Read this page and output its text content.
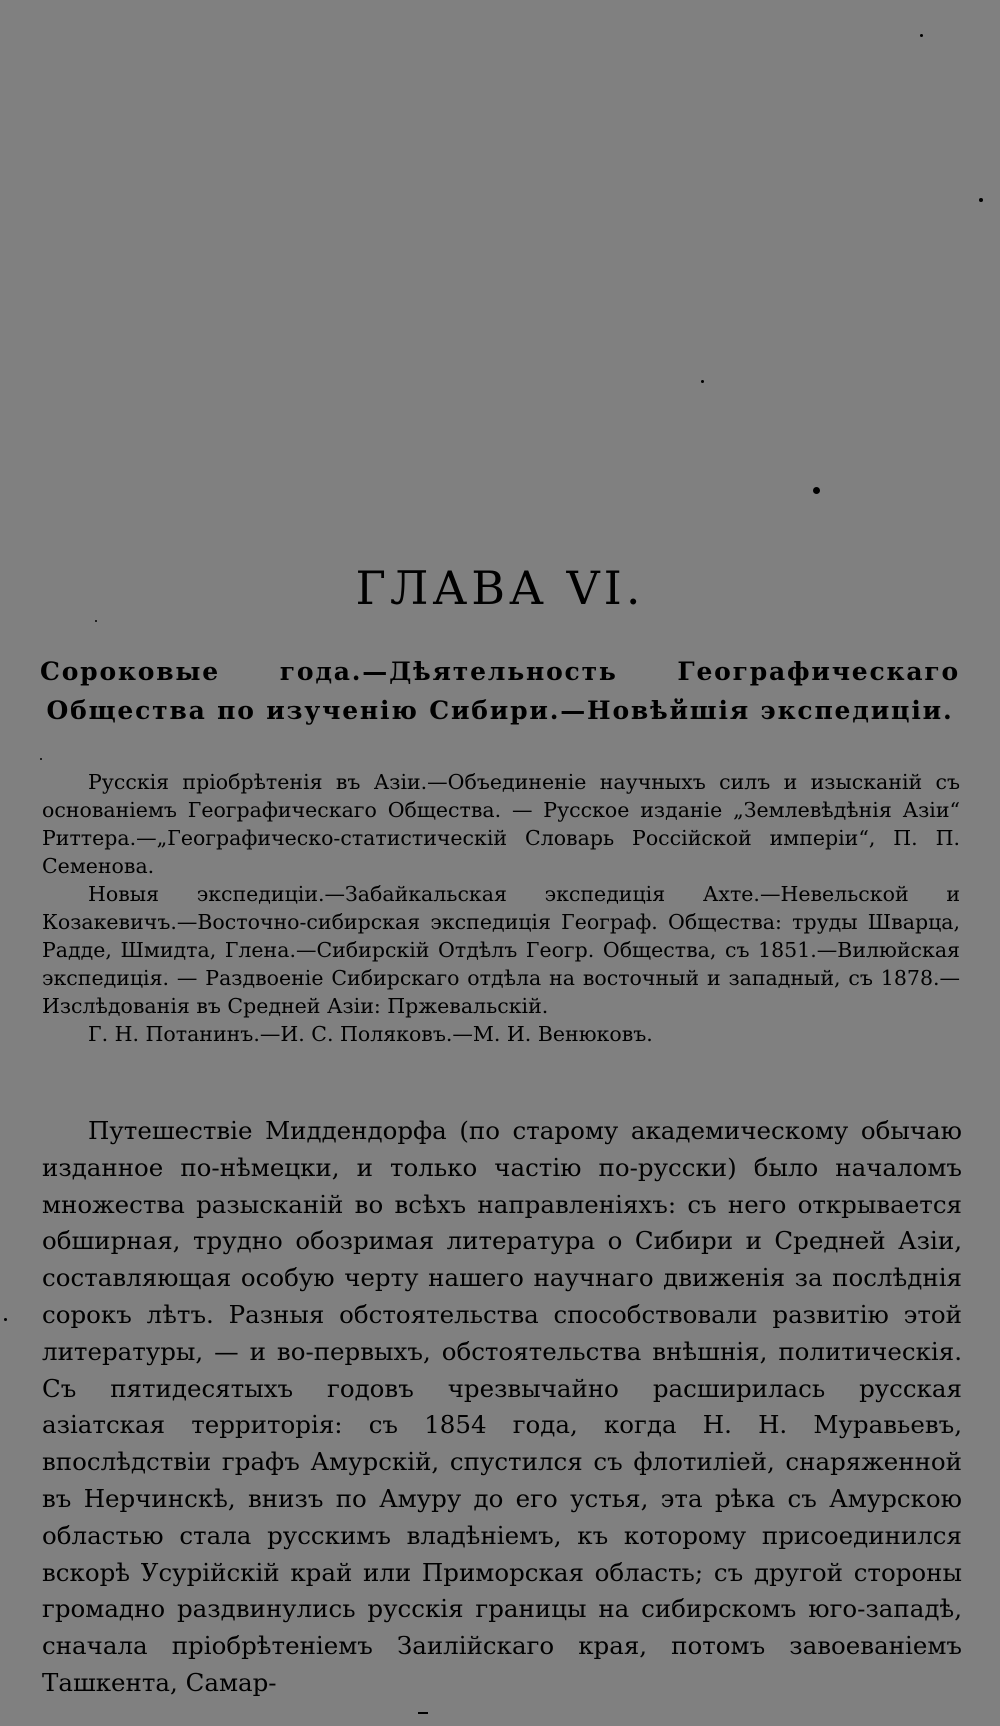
ГЛАВА VI.
Сороковые года.—Дѣятельность Географическаго Общества по изученію Сибири.—Новѣйшія экспедиціи.

Русскія пріобрѣтенія въ Азіи.—Объединеніе научныхъ силъ и изысканій съ основаніемъ Географическаго Общества. — Русское изданіе „Землевѣдѣнія Азіи“ Риттера.—„Географическо-статистическій Словарь Россійской имперіи“, П. П. Семенова.

Новыя экспедиціи.—Забайкальская экспедиція Ахте.—Невельской и Козакевичъ.—Восточно-сибирская экспедиція Географ. Общества: труды Шварца, Радде, Шмидта, Глена.—Сибирскій Отдѣлъ Геогр. Общества, съ 1851.—Вилюйская экспедиція. — Раздвоеніе Сибирскаго отдѣла на восточный и западный, съ 1878.—Изслѣдованія въ Средней Азіи: Пржевальскій.

Г. Н. Потанинъ.—И. С. Поляковъ.—М. И. Венюковъ.

Путешествіе Миддендорфа (по старому академическому обычаю изданное по-нѣмецки, и только частію по-русски) было началомъ множества разысканій во всѣхъ направленіяхъ: съ него открывается обширная, трудно обозримая литература о Сибири и Средней Азіи, составляющая особую черту нашего научнаго движенія за послѣднія сорокъ лѣтъ. Разныя обстоятельства способствовали развитію этой литературы, — и во-первыхъ, обстоятельства внѣшнія, политическія. Съ пятидесятыхъ годовъ чрезвычайно расширилась русская азіатская территорія: съ 1854 года, когда Н. Н. Муравьевъ, впослѣдствіи графъ Амурскій, спустился съ флотиліей, снаряженной въ Нерчинскѣ, внизъ по Амуру до его устья, эта рѣка съ Амурскою областью стала русскимъ владѣніемъ, къ которому присоединился вскорѣ Усурійскій край или Приморская область; съ другой стороны громадно раздвинулись русскія границы на сибирскомъ юго-западѣ, сначала пріобрѣтеніемъ Заилійскаго края, потомъ завоеваніемъ Ташкента, Самар-
